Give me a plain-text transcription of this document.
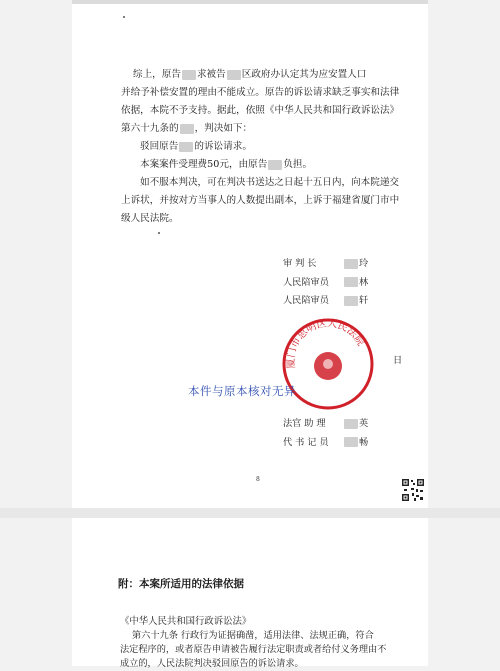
综上，原告 求被告 区政府办认定其为应安置人口
并给予补偿安置的理由不能成立。原告的诉讼请求缺乏事实和法律
依据，本院不予支持。据此，依照《中华人民共和国行政诉讼法》
第六十九条的 ，判决如下：
驳回原告 的诉讼请求。
本案案件受理费50元，由原告 负担。
如不服本判决，可在判决书送达之日起十五日内，向本院递交
上诉状，并按对方当事人的人数提出副本，上诉于福建省厦门市中
级人民法院。
审 判 长	玲
人民陪审员	林
人民陪审员	轩
日
厦门市思明区人民法院
本件与原本核对无异
法官 助 理	英
代 书 记 员	畅
8
附：本案所适用的法律依据
《中华人民共和国行政诉讼法》
第六十九条 行政行为证据确凿，适用法律、法规正确，符合
法定程序的，或者原告申请被告履行法定职责或者给付义务理由不
成立的，人民法院判决驳回原告的诉讼请求。
